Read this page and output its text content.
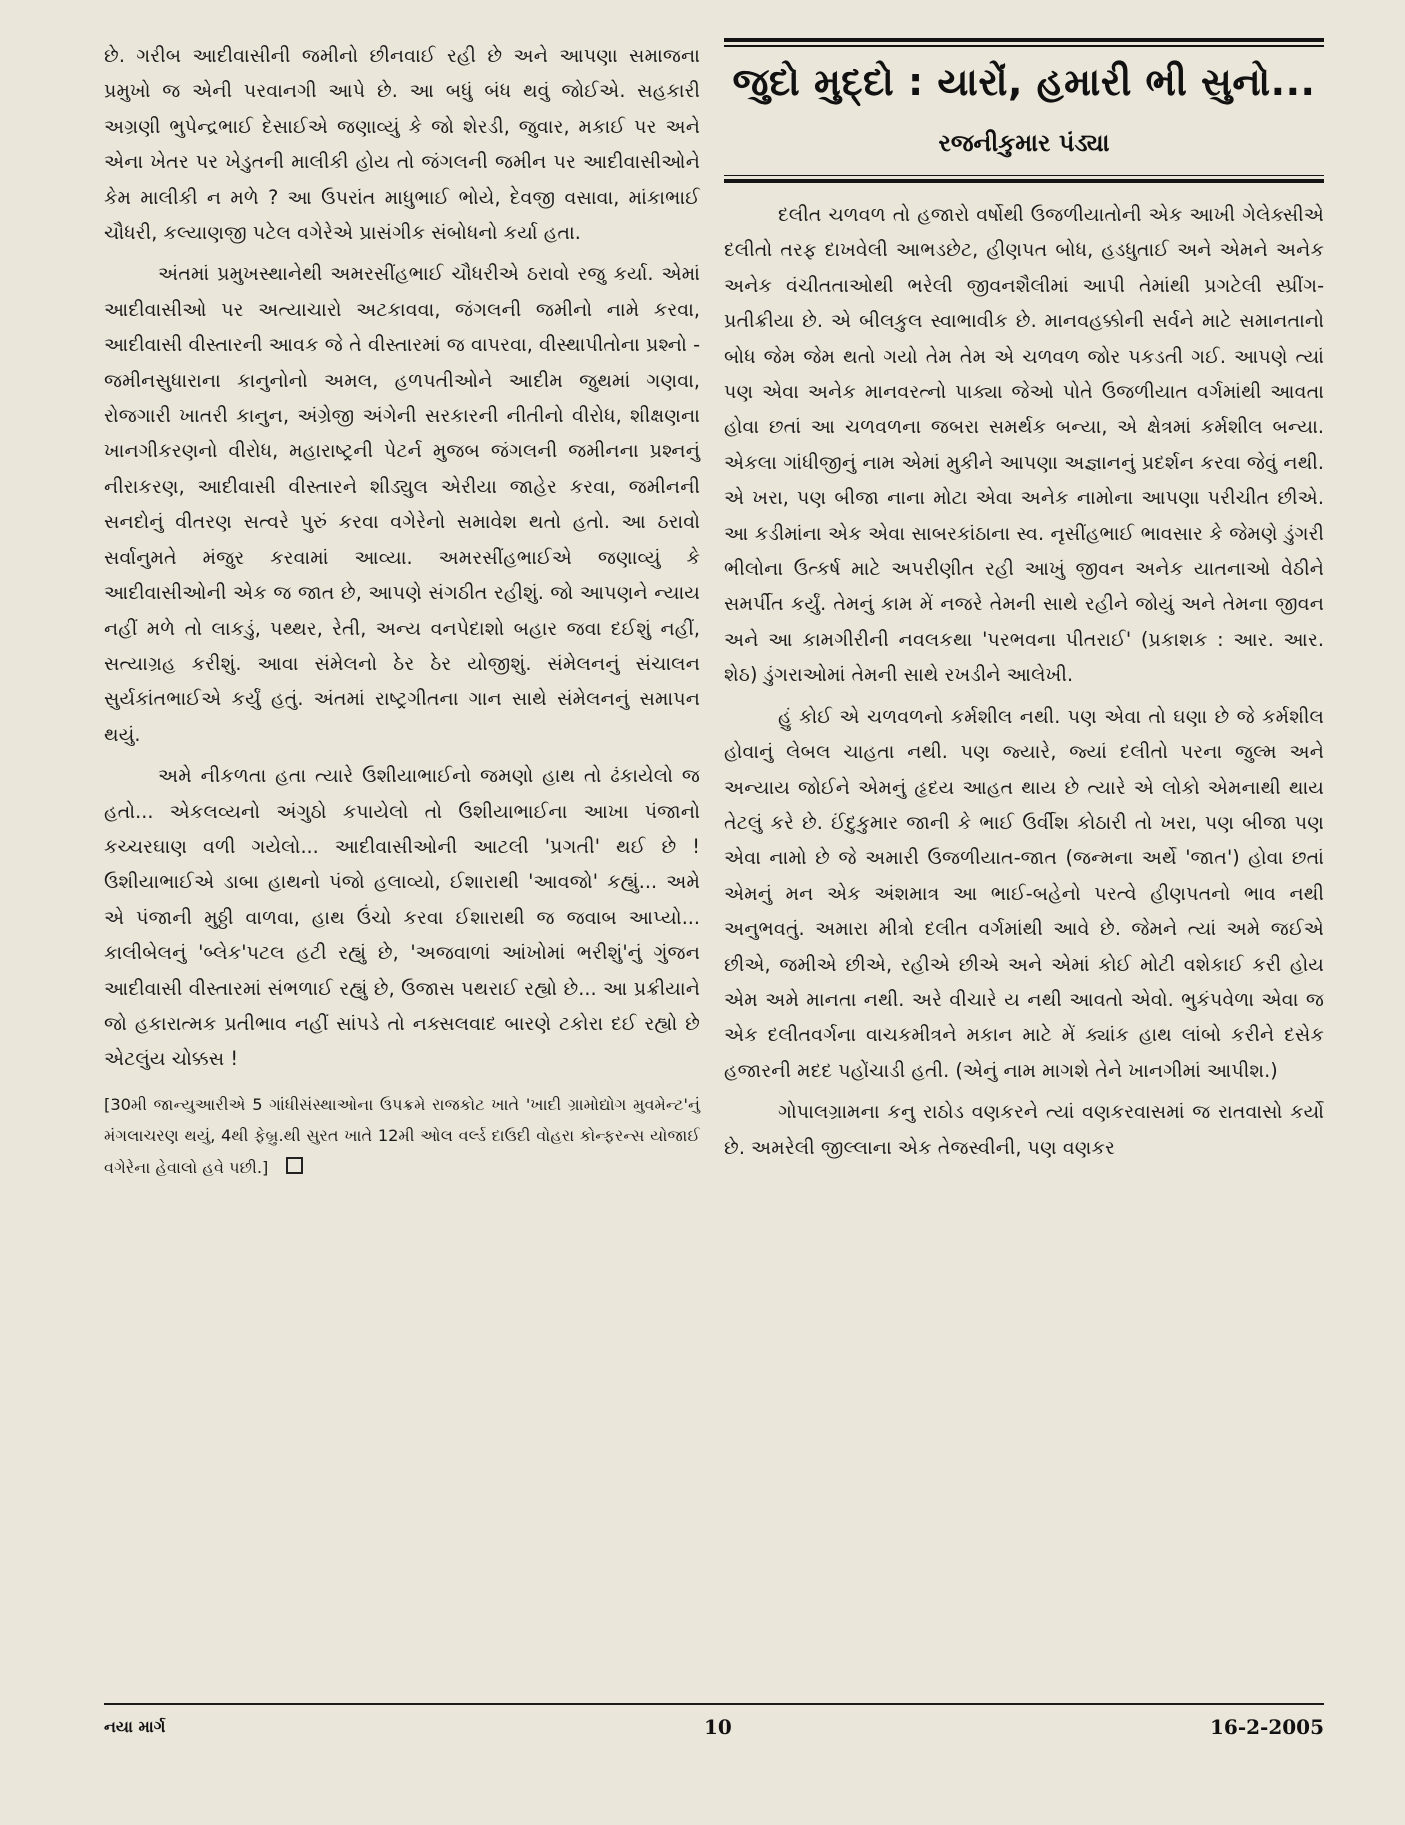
છે. ગરીબ આદીવાસીની જમીનો છીનવાઈ રહી છે અને આપણા સમાજના પ્રમુખો જ એની પરવાનગી આપે છે. આ બધું બંધ થવું જોઈએ. સહકારી અગ્રણી ભુપેન્દ્રભાઈ દેસાઈએ જણાવ્યું કે જો શેરડી, જુવાર, મકાઈ પર અને એના ખેતર પર ખેડુતની માલીકી હોય તો જંગલની જમીન પર આદીવાસીઓને કેમ માલીકી ન મળે ? આ ઉપરાંત માધુભાઈ ભોયે, દેવજી વસાવા, માંકાભાઈ ચૌધરી, કલ્યાણજી પટેલ વગેરેએ પ્રાસંગીક સંબોધનો કર્યા હતા.

અંતમાં પ્રમુખસ્થાનેથી અમરસીંહભાઈ ચૌધરીએ ઠરાવો રજુ કર્યા. એમાં આદીવાસીઓ પર અત્યાચારો અટકાવવા, જંગલની જમીનો નામે કરવા, આદીવાસી વીસ્તારની આવક જે તે વીસ્તારમાં જ વાપરવા, વીસ્થાપીતોના પ્રશ્નો - જમીનસુધારાના કાનુનોનો અમલ, હળપતીઓને આદીમ જુથમાં ગણવા, રોજગારી ખાતરી કાનુન, અંગ્રેજી અંગેની સરકારની નીતીનો વીરોધ, શીક્ષણના ખાનગીકરણનો વીરોધ, મહારાષ્ટ્રની પેટર્ન મુજબ જંગલની જમીનના પ્રશ્નનું નીરાકરણ, આદીવાસી વીસ્તારને શીડ્યુલ એરીયા જાહેર કરવા, જમીનની સનદોનું વીતરણ સત્વરે પુરું કરવા વગેરેનો સમાવેશ થતો હતો. આ ઠરાવો સર્વાનુમતે મંજુર કરવામાં આવ્યા. અમરસીંહભાઈએ જણાવ્યું કે આદીવાસીઓની એક જ જાત છે, આપણે સંગઠીત રહીશું. જો આપણને ન્યાય નહીં મળે તો લાકડું, પથ્થર, રેતી, અન્ય વનપેદાશો બહાર જવા દઈશું નહીં, સત્યાગ્રહ કરીશું. આવા સંમેલનો ઠેર ઠેર યોજીશું. સંમેલનનું સંચાલન સુર્યકાંતભાઈએ કર્યું હતું. અંતમાં રાષ્ટ્રગીતના ગાન સાથે સંમેલનનું સમાપન થયું.

અમે નીકળતા હતા ત્યારે ઉશીયાભાઈનો જમણો હાથ તો ઢંકાયેલો જ હતો... એકલવ્યનો અંગુઠો કપાયેલો તો ઉશીયાભાઈના આખા પંજાનો કચ્ચરઘાણ વળી ગયેલો... આદીવાસીઓની આટલી 'પ્રગતી' થઈ છે ! ઉશીયાભાઈએ ડાબા હાથનો પંજો હલાવ્યો, ઈશારાથી 'આવજો' કહ્યું... અમે એ પંજાની મુઠ્ઠી વાળવા, હાથ ઉંચો કરવા ઈશારાથી જ જવાબ આપ્યો... કાલીબેલનું 'બ્લેક'પટલ હટી રહ્યું છે, 'અજવાળાં આંખોમાં ભરીશું'નું ગુંજન આદીવાસી વીસ્તારમાં સંભળાઈ રહ્યું છે, ઉજાસ પથરાઈ રહ્યો છે... આ પ્રક્રીયાને જો હકારાત્મક પ્રતીભાવ નહીં સાંપડે તો નક્સલવાદ બારણે ટકોરા દઈ રહ્યો છે એટલુંય ચોક્કસ !

[30મી જાન્યુઆરીએ 5 ગાંધીસંસ્થાઓના ઉપક્રમે રાજકોટ ખાતે 'ખાદી ગ્રામોદ્યોગ મુવમેન્ટ'નું મંગલાચરણ થયું, 4થી ફેબ્રુ.થી સુરત ખાતે 12મી ઓલ વર્લ્ડ દાઉદી વોહરા કોન્ફરન્સ યોજાઈ વગેરેના હેવાલો હવે પછી.]

જુદો મુદ્દો : યારોં, હમારી ભી સુનો...
રજનીકુમાર પંડ્યા

દલીત ચળવળ તો હજારો વર્ષોથી ઉજળીયાતોની એક આખી ગેલેક્સીએ દલીતો તરફ દાખવેલી આભડછેટ, હીણપત બોધ, હડધુતાઈ અને એમને અનેક અનેક વંચીતતાઓથી ભરેલી જીવનશૈલીમાં આપી તેમાંથી પ્રગટેલી સ્પ્રીંગ-પ્રતીક્રીયા છે. એ બીલકુલ સ્વાભાવીક છે. માનવહક્કોની સર્વને માટે સમાનતાનો બોધ જેમ જેમ થતો ગયો તેમ તેમ એ ચળવળ જોર પકડતી ગઈ. આપણે ત્યાં પણ એવા અનેક માનવરત્નો પાક્યા જેઓ પોતે ઉજળીયાત વર્ગમાંથી આવતા હોવા છતાં આ ચળવળના જબરા સમર્થક બન્યા, એ ક્ષેત્રમાં કર્મશીલ બન્યા. એકલા ગાંધીજીનું નામ એમાં મુકીને આપણા અજ્ઞાનનું પ્રદર્શન કરવા જેવું નથી. એ ખરા, પણ બીજા નાના મોટા એવા અનેક નામોના આપણા પરીચીત છીએ. આ કડીમાંના એક એવા સાબરકાંઠાના સ્વ. નૃસીંહભાઈ ભાવસાર કે જેમણે ડુંગરી ભીલોના ઉત્કર્ષ માટે અપરીણીત રહી આખું જીવન અનેક યાતનાઓ વેઠીને સમર્પીત કર્યું. તેમનું કામ મેં નજરે તેમની સાથે રહીને જોયું અને તેમના જીવન અને આ કામગીરીની નવલકથા 'પરભવના પીતરાઈ' (પ્રકાશક : આર. આર. શેઠ) ડુંગરાઓમાં તેમની સાથે રખડીને આલેખી.

હું કોઈ એ ચળવળનો કર્મશીલ નથી. પણ એવા તો ઘણા છે જે કર્મશીલ હોવાનું લેબલ ચાહતા નથી. પણ જ્યારે, જ્યાં દલીતો પરના જુલ્મ અને અન્યાય જોઈને એમનું હૃદય આહત થાય છે ત્યારે એ લોકો એમનાથી થાય તેટલું કરે છે. ઈંદુકુમાર જાની કે ભાઈ ઉર્વીશ કોઠારી તો ખરા, પણ બીજા પણ એવા નામો છે જે અમારી ઉજળીયાત-જાત (જન્મના અર્થે 'જાત') હોવા છતાં એમનું મન એક અંશમાત્ર આ ભાઈ-બહેનો પરત્વે હીણપતનો ભાવ નથી અનુભવતું. અમારા મીત્રો દલીત વર્ગમાંથી આવે છે. જેમને ત્યાં અમે જઈએ છીએ, જમીએ છીએ, રહીએ છીએ અને એમાં કોઈ મોટી વશેકાઈ કરી હોય એમ અમે માનતા નથી. અરે વીચારે ય નથી આવતો એવો. ભુકંપવેળા એવા જ એક દલીતવર્ગના વાચકમીત્રને મકાન માટે મેં ક્યાંક હાથ લાંબો કરીને દસેક હજારની મદદ પહોંચાડી હતી. (એનું નામ માગશે તેને ખાનગીમાં આપીશ.)

ગોપાલગ્રામના કનુ રાઠોડ વણકરને ત્યાં વણકરવાસમાં જ રાતવાસો કર્યો છે. અમરેલી જીલ્લાના એક તેજસ્વીની, પણ વણકર

નયા માર્ગ	10	16-2-2005
